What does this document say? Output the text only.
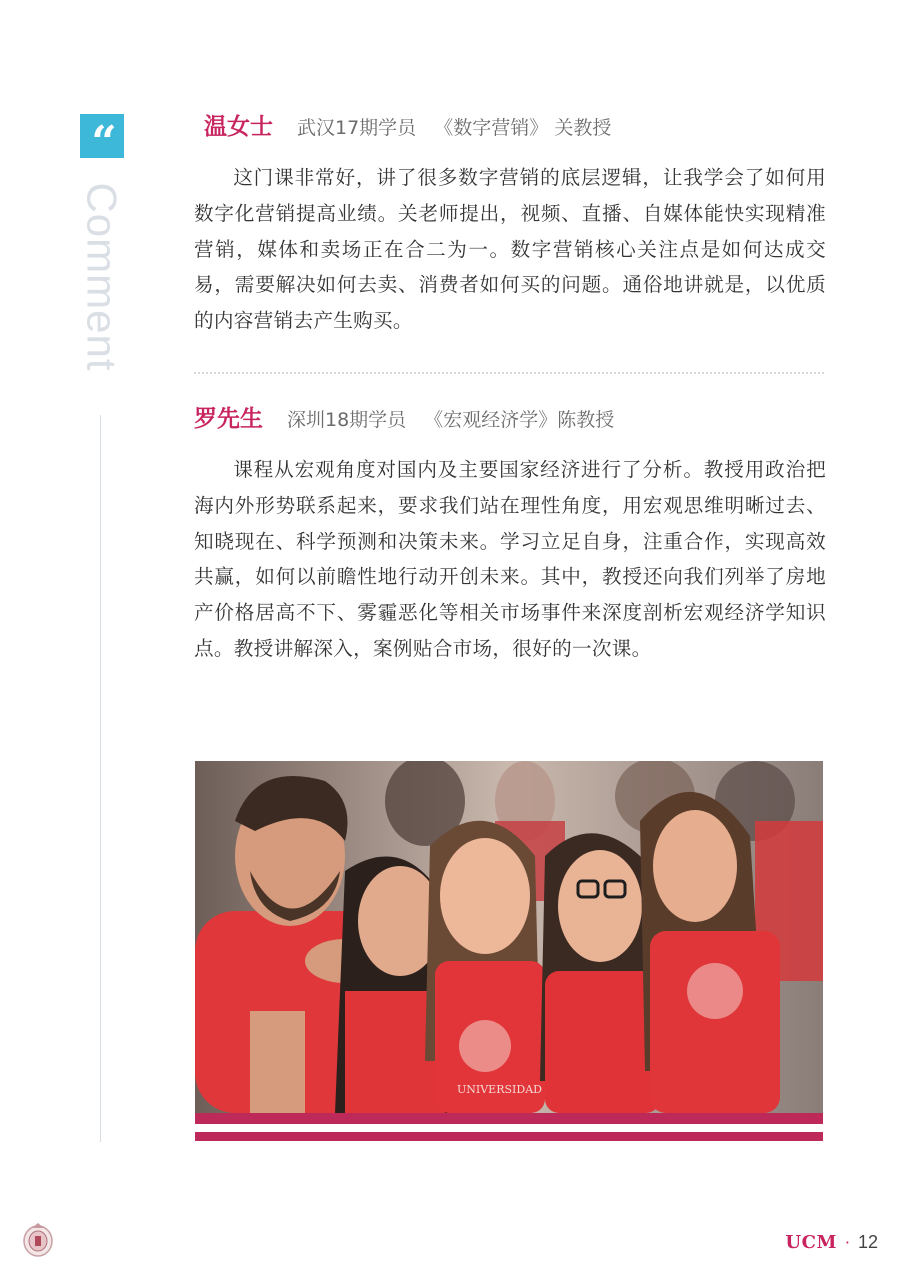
“
Comment
温女士 武汉17期学员   《数字营销》 关教授

这门课非常好，讲了很多数字营销的底层逻辑，让我学会了如何用数字化营销提高业绩。关老师提出，视频、直播、自媒体能快实现精准营销，媒体和卖场正在合二为一。数字营销核心关注点是如何达成交易，需要解决如何去卖、消费者如何买的问题。通俗地讲就是，以优质的内容营销去产生购买。

罗先生 深圳18期学员   《宏观经济学》陈教授

课程从宏观角度对国内及主要国家经济进行了分析。教授用政治把海内外形势联系起来，要求我们站在理性角度，用宏观思维明晰过去、知晓现在、科学预测和决策未来。学习立足自身，注重合作，实现高效共赢，如何以前瞻性地行动开创未来。其中，教授还向我们列举了房地产价格居高不下、雾霾恶化等相关市场事件来深度剖析宏观经济学知识点。教授讲解深入，案例贴合市场，很好的一次课。

UNIVERSIDAD
UCM · 12
